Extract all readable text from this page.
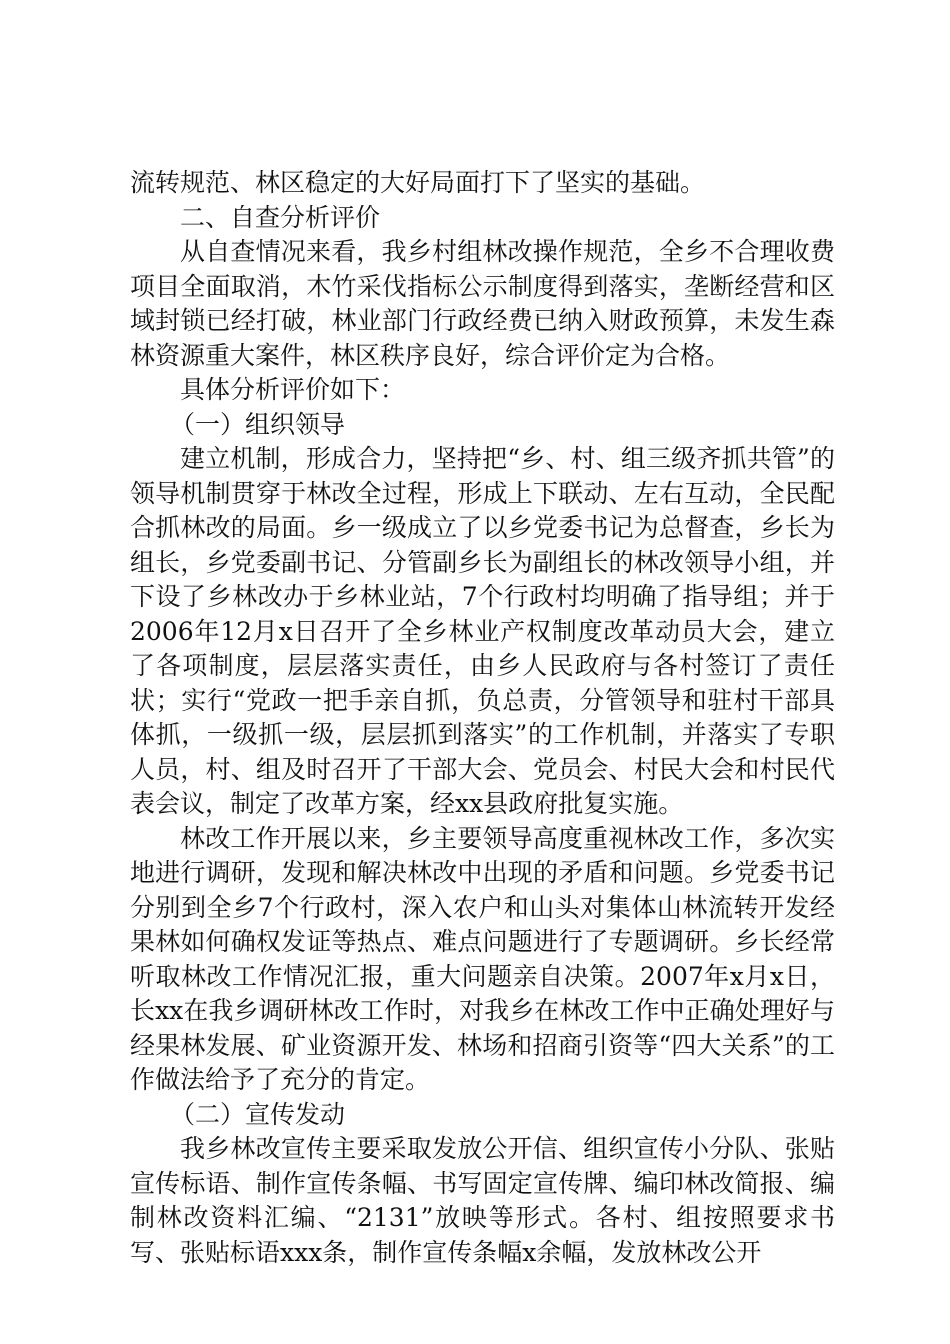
流转规范、林区稳定的大好局面打下了坚实的基础。

二、自查分析评价

从自查情况来看，我乡村组林改操作规范，全乡不合理收费项目全面取消，木竹采伐指标公示制度得到落实，垄断经营和区域封锁已经打破，林业部门行政经费已纳入财政预算，未发生森林资源重大案件，林区秩序良好，综合评价定为合格。

具体分析评价如下：

（一）组织领导

建立机制，形成合力，坚持把“乡、村、组三级齐抓共管”的领导机制贯穿于林改全过程，形成上下联动、左右互动，全民配合抓林改的局面。乡一级成立了以乡党委书记为总督查，乡长为组长，乡党委副书记、分管副乡长为副组长的林改领导小组，并下设了乡林改办于乡林业站，7个行政村均明确了指导组；并于2006年12月x日召开了全乡林业产权制度改革动员大会，建立了各项制度，层层落实责任，由乡人民政府与各村签订了责任状；实行“党政一把手亲自抓，负总责，分管领导和驻村干部具体抓，一级抓一级，层层抓到落实”的工作机制，并落实了专职人员，村、组及时召开了干部大会、党员会、村民大会和村民代表会议，制定了改革方案，经xx县政府批复实施。

林改工作开展以来，乡主要领导高度重视林改工作，多次实地进行调研，发现和解决林改中出现的矛盾和问题。乡党委书记分别到全乡7个行政村，深入农户和山头对集体山林流转开发经果林如何确权发证等热点、难点问题进行了专题调研。乡长经常听取林改工作情况汇报，重大问题亲自决策。2007年x月x日，长xx在我乡调研林改工作时，对我乡在林改工作中正确处理好与经果林发展、矿业资源开发、林场和招商引资等“四大关系”的工作做法给予了充分的肯定。

（二）宣传发动

我乡林改宣传主要采取发放公开信、组织宣传小分队、张贴宣传标语、制作宣传条幅、书写固定宣传牌、编印林改简报、编制林改资料汇编、“2131”放映等形式。各村、组按照要求书写、张贴标语xxx条，制作宣传条幅x余幅，发放林改公开
